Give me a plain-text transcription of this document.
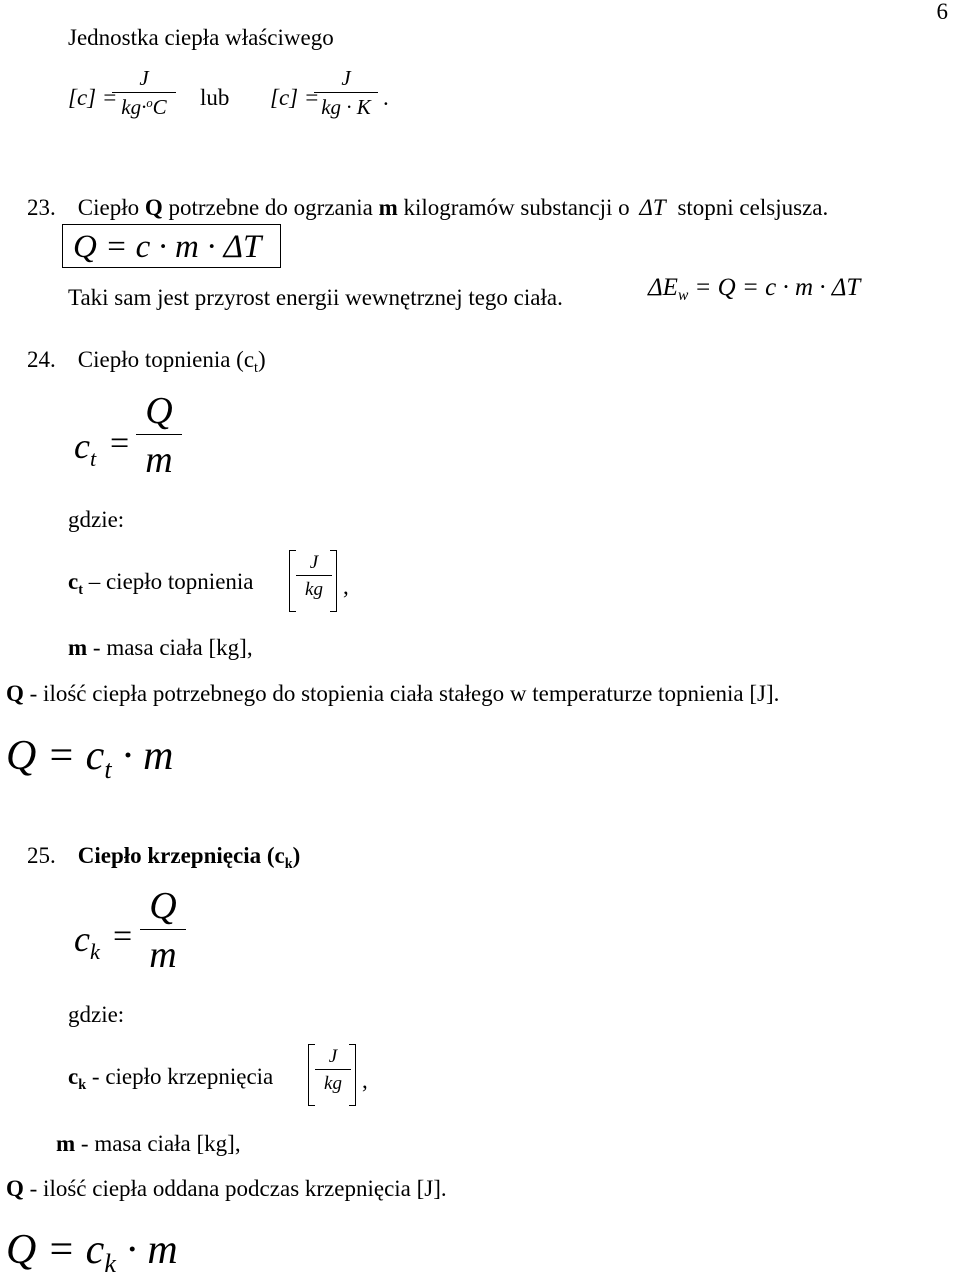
6
Jednostka ciepła właściwego
[c] =
J
kg·$^o$C	lub [c] =
J
kg · K .
23. Ciepło Q potrzebne do ogrzania m kilogramów substancji o ΔT stopni celsjusza.
Q = c · m · ΔT
Taki sam jest przyrost energii wewnętrznej tego ciała.	$\Delta E_w = Q = c \cdot m \cdot \Delta T$
24. Ciepło topnienia $(c_t)$
$c_t$ =
Q
m
gdzie:
$c_t$ – ciepło topnienia
J
kg ,
m - masa ciała [kg],
Q - ilość ciepła potrzebnego do stopienia ciała stałego w temperaturze topnienia [J].
$Q = c_t \cdot m$
25. Ciepło krzepnięcia $(c_k)$
$c_k$ =
Q
m
gdzie:
$c_k$ - ciepło krzepnięcia
J
kg ,
m - masa ciała [kg],
Q - ilość ciepła oddana podczas krzepnięcia [J].
$Q = c_k \cdot m$
